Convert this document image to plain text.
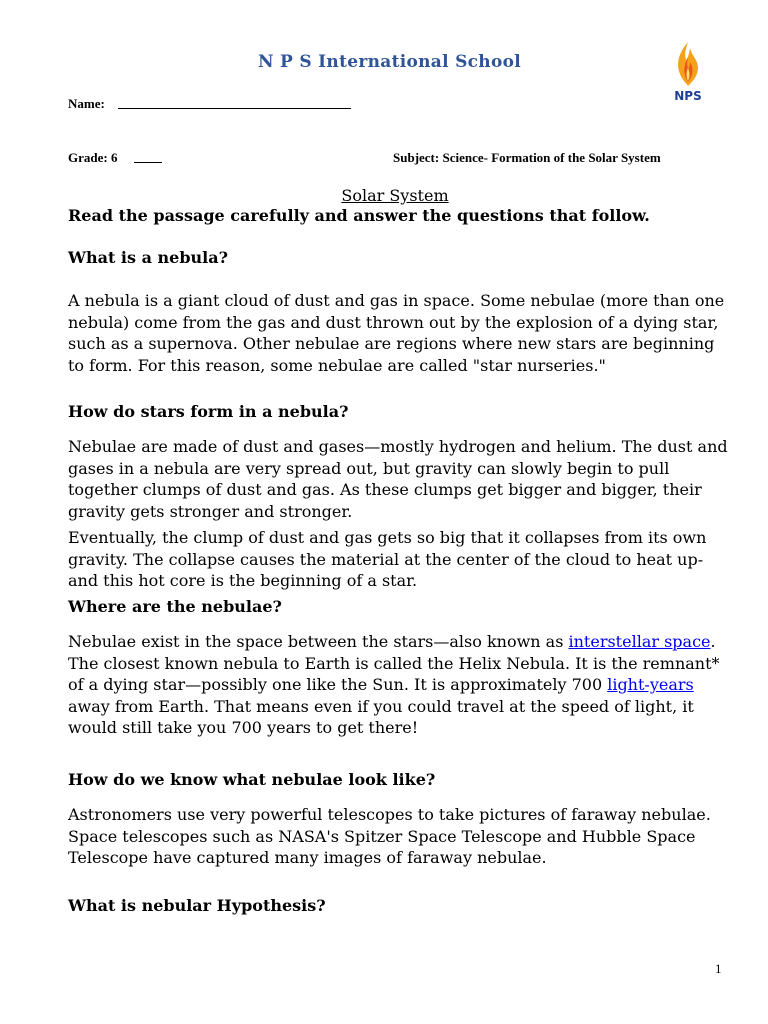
N P S International School
NPS
Name:
Grade: 6	Subject: Science- Formation of the Solar System
Solar System
Read the passage carefully and answer the questions that follow.
What is a nebula?

A nebula is a giant cloud of dust and gas in space. Some nebulae (more than one nebula) come from the gas and dust thrown out by the explosion of a dying star, such as a supernova. Other nebulae are regions where new stars are beginning to form. For this reason, some nebulae are called "star nurseries."

How do stars form in a nebula?

Nebulae are made of dust and gases—mostly hydrogen and helium. The dust and gases in a nebula are very spread out, but gravity can slowly begin to pull together clumps of dust and gas. As these clumps get bigger and bigger, their gravity gets stronger and stronger.

Eventually, the clump of dust and gas gets so big that it collapses from its own gravity. The collapse causes the material at the center of the cloud to heat up-and this hot core is the beginning of a star.

Where are the nebulae?

Nebulae exist in the space between the stars—also known as interstellar space. The closest known nebula to Earth is called the Helix Nebula. It is the remnant* of a dying star—possibly one like the Sun. It is approximately 700 light-years away from Earth. That means even if you could travel at the speed of light, it would still take you 700 years to get there!

How do we know what nebulae look like?

Astronomers use very powerful telescopes to take pictures of faraway nebulae. Space telescopes such as NASA's Spitzer Space Telescope and Hubble Space Telescope have captured many images of faraway nebulae.

What is nebular Hypothesis?
1
